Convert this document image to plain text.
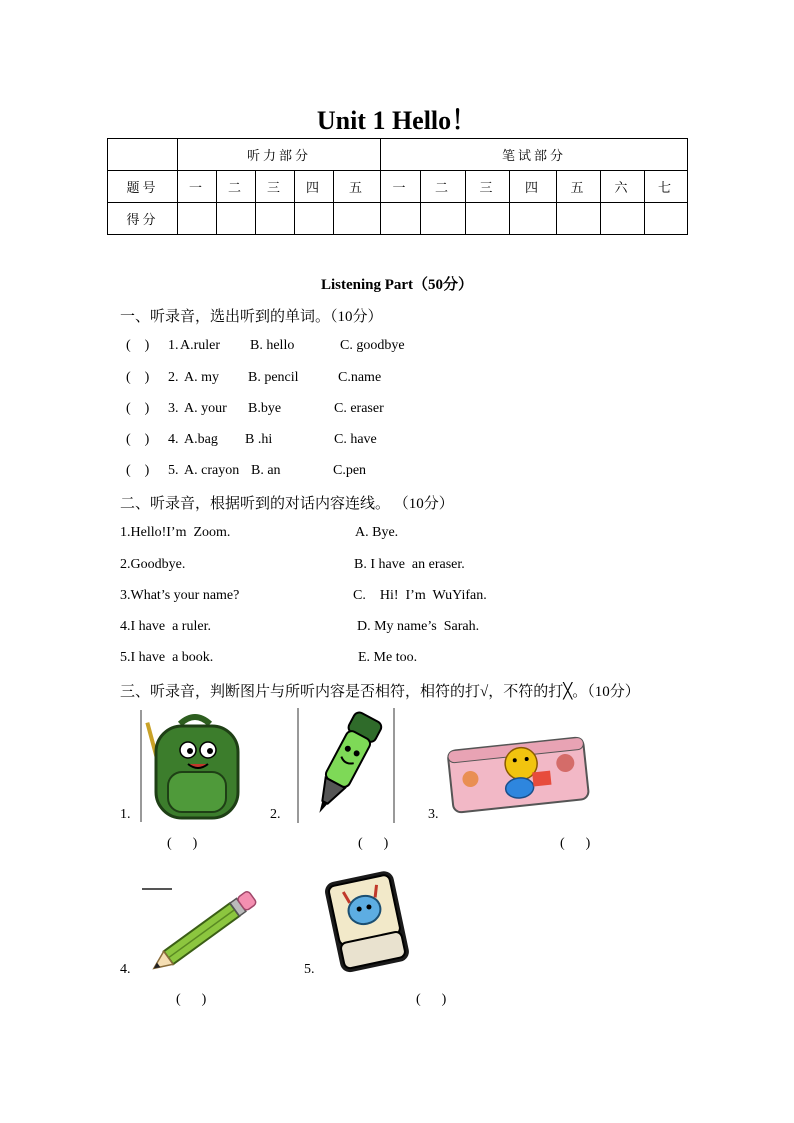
Unit 1 Hello！
	听力部分					笔试部分						
题号	一	二	三	四	五	一	二	三	四	五	六	七
得分												
Listening Part（50分）
一、听录音，选出听到的单词。（10分）
(    ) 1. A.ruler B. hello	C. goodbye
(    ) 2. A. my B. pencil	C.name
(    ) 3. A. your B.bye	C. eraser
(    ) 4. A.bag B .hi	C. have
(    ) 5. A. crayon B. an	C.pen
二、听录音，根据听到的对话内容连线。 （10分）
1.Hello!I’m  Zoom.	A. Bye.
2.Goodbye.	B. I have  an eraser.
3.What’s your name?	C.    Hi!  I’m  WuYifan.
4.I have  a ruler.	D. My name’s  Sarah.
5.I have  a book.	E. Me too.
三、听录音，判断图片与所听内容是否相符，相符的打√，不符的打╳。（10分）
1.
(      )
2.
(      )
3.
(      )
4.
(      )
5.
(      )
